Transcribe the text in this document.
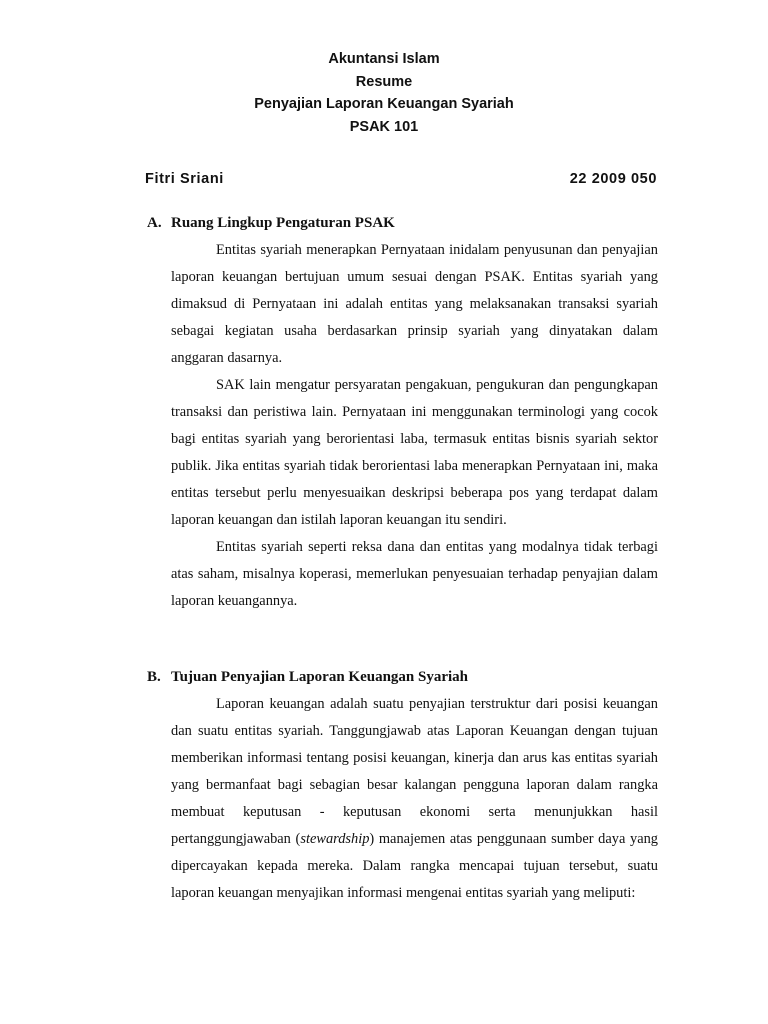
Akuntansi Islam
Resume
Penyajian Laporan Keuangan Syariah
PSAK 101
Fitri Sriani	22 2009 050
A. Ruang Lingkup Pengaturan PSAK

Entitas syariah menerapkan Pernyataan inidalam penyusunan dan penyajian laporan keuangan bertujuan umum sesuai dengan PSAK. Entitas syariah yang dimaksud di Pernyataan ini adalah entitas yang melaksanakan transaksi syariah sebagai kegiatan usaha berdasarkan prinsip syariah yang dinyatakan dalam anggaran dasarnya.

SAK lain mengatur persyaratan pengakuan, pengukuran dan pengungkapan transaksi dan peristiwa lain. Pernyataan ini menggunakan terminologi yang cocok bagi entitas syariah yang berorientasi laba, termasuk entitas bisnis syariah sektor publik. Jika entitas syariah tidak berorientasi laba menerapkan Pernyataan ini, maka entitas tersebut perlu menyesuaikan deskripsi beberapa pos yang terdapat dalam laporan keuangan dan istilah laporan keuangan itu sendiri.

Entitas syariah seperti reksa dana dan entitas yang modalnya tidak terbagi atas saham, misalnya koperasi, memerlukan penyesuaian terhadap penyajian dalam laporan keuangannya.

B. Tujuan Penyajian Laporan Keuangan Syariah

Laporan keuangan adalah suatu penyajian terstruktur dari posisi keuangan dan suatu entitas syariah. Tanggungjawab atas Laporan Keuangan dengan tujuan memberikan informasi tentang posisi keuangan, kinerja dan arus kas entitas syariah yang bermanfaat bagi sebagian besar kalangan pengguna laporan dalam rangka membuat keputusan - keputusan ekonomi serta menunjukkan hasil pertanggungjawaban (stewardship) manajemen atas penggunaan sumber daya yang dipercayakan kepada mereka. Dalam rangka mencapai tujuan tersebut, suatu laporan keuangan menyajikan informasi mengenai entitas syariah yang meliputi:
